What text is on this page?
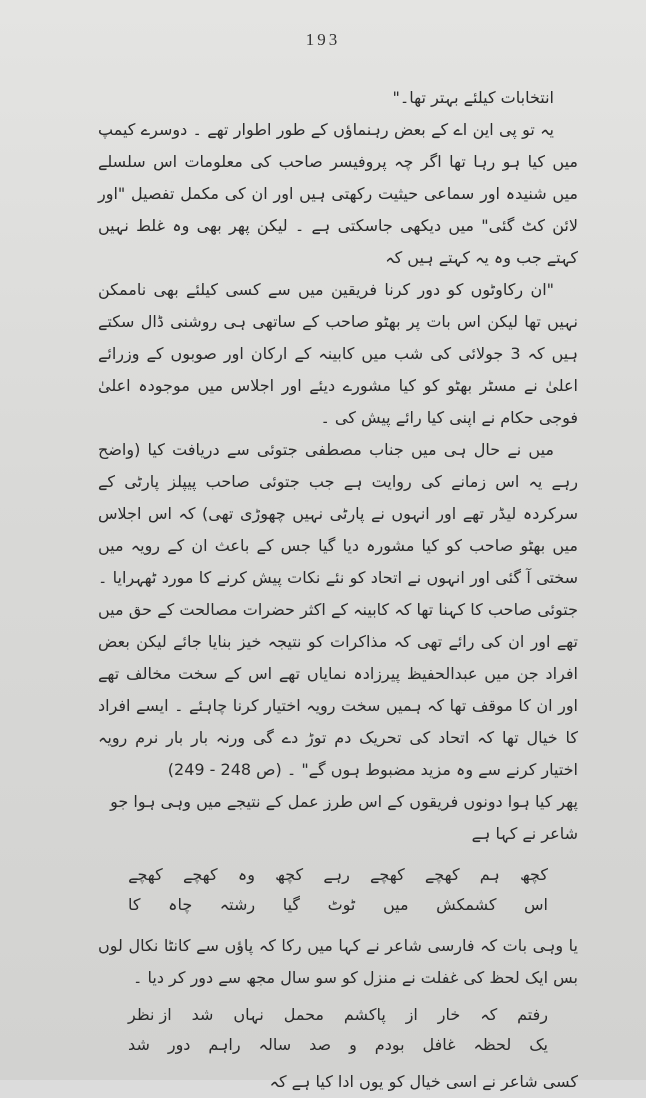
193

انتخابات کیلئے بہتر تھا۔"

یہ تو پی این اے کے بعض رہنماؤں کے طور اطوار تھے ۔ دوسرے کیمپ میں کیا ہو رہا تھا اگر چہ پروفیسر صاحب کی معلومات اس سلسلے میں شنیدہ اور سماعی حیثیت رکھتی ہیں اور ان کی مکمل تفصیل "اور لائن کٹ گئی" میں دیکھی جاسکتی ہے ۔ لیکن پھر بھی وہ غلط نہیں کہتے جب وہ یہ کہتے ہیں کہ

"ان رکاوٹوں کو دور کرنا فریقین میں سے کسی کیلئے بھی ناممکن نہیں تھا لیکن اس بات پر بھٹو صاحب کے ساتھی ہی روشنی ڈال سکتے ہیں کہ 3 جولائی کی شب میں کابینہ کے ارکان اور صوبوں کے وزرائے اعلیٰ نے مسٹر بھٹو کو کیا مشورے دیئے اور اجلاس میں موجودہ اعلیٰ فوجی حکام نے اپنی کیا رائے پیش کی ۔

میں نے حال ہی میں جناب مصطفی جتوئی سے دریافت کیا (واضح رہے یہ اس زمانے کی روایت ہے جب جتوئی صاحب پیپلز پارٹی کے سرکردہ لیڈر تھے اور انہوں نے پارٹی نہیں چھوڑی تھی) کہ اس اجلاس میں بھٹو صاحب کو کیا مشورہ دیا گیا جس کے باعث ان کے رویہ میں سختی آ گئی اور انہوں نے اتحاد کو نئے نکات پیش کرنے کا مورد ٹھہرایا ۔ جتوئی صاحب کا کہنا تھا کہ کابینہ کے اکثر حضرات مصالحت کے حق میں تھے اور ان کی رائے تھی کہ مذاکرات کو نتیجہ خیز بنایا جائے لیکن بعض افراد جن میں عبدالحفیظ پیرزادہ نمایاں تھے اس کے سخت مخالف تھے اور ان کا موقف تھا کہ ہمیں سخت رویہ اختیار کرنا چاہئے ۔ ایسے افراد کا خیال تھا کہ اتحاد کی تحریک دم توڑ دے گی ورنہ بار بار نرم رویہ اختیار کرنے سے وہ مزید مضبوط ہوں گے" ۔ (ص 248 - 249)

پھر کیا ہوا دونوں فریقوں کے اس طرز عمل کے نتیجے میں وہی ہوا جو شاعر نے کہا ہے

کچھ
ہم
کھچے
کھچے
رہے
کچھ
وہ
کھچے
کھچے
اس
کشمکش
میں
ٹوٹ
گیا
رشتہ
چاہ
کا

یا وہی بات کہ فارسی شاعر نے کہا میں رکا کہ پاؤں سے کانٹا نکال لوں بس ایک لحظ کی غفلت نے منزل کو سو سال مجھ سے دور کر دیا ۔

رفتم
کہ
خار
از
پاکشم
محمل
نہاں
شد
از نظر
یک
لحظہ
غافل
بودم
و
صد
سالہ
راہم
دور
شد

کسی شاعر نے اسی خیال کو یوں ادا کیا ہے کہ
